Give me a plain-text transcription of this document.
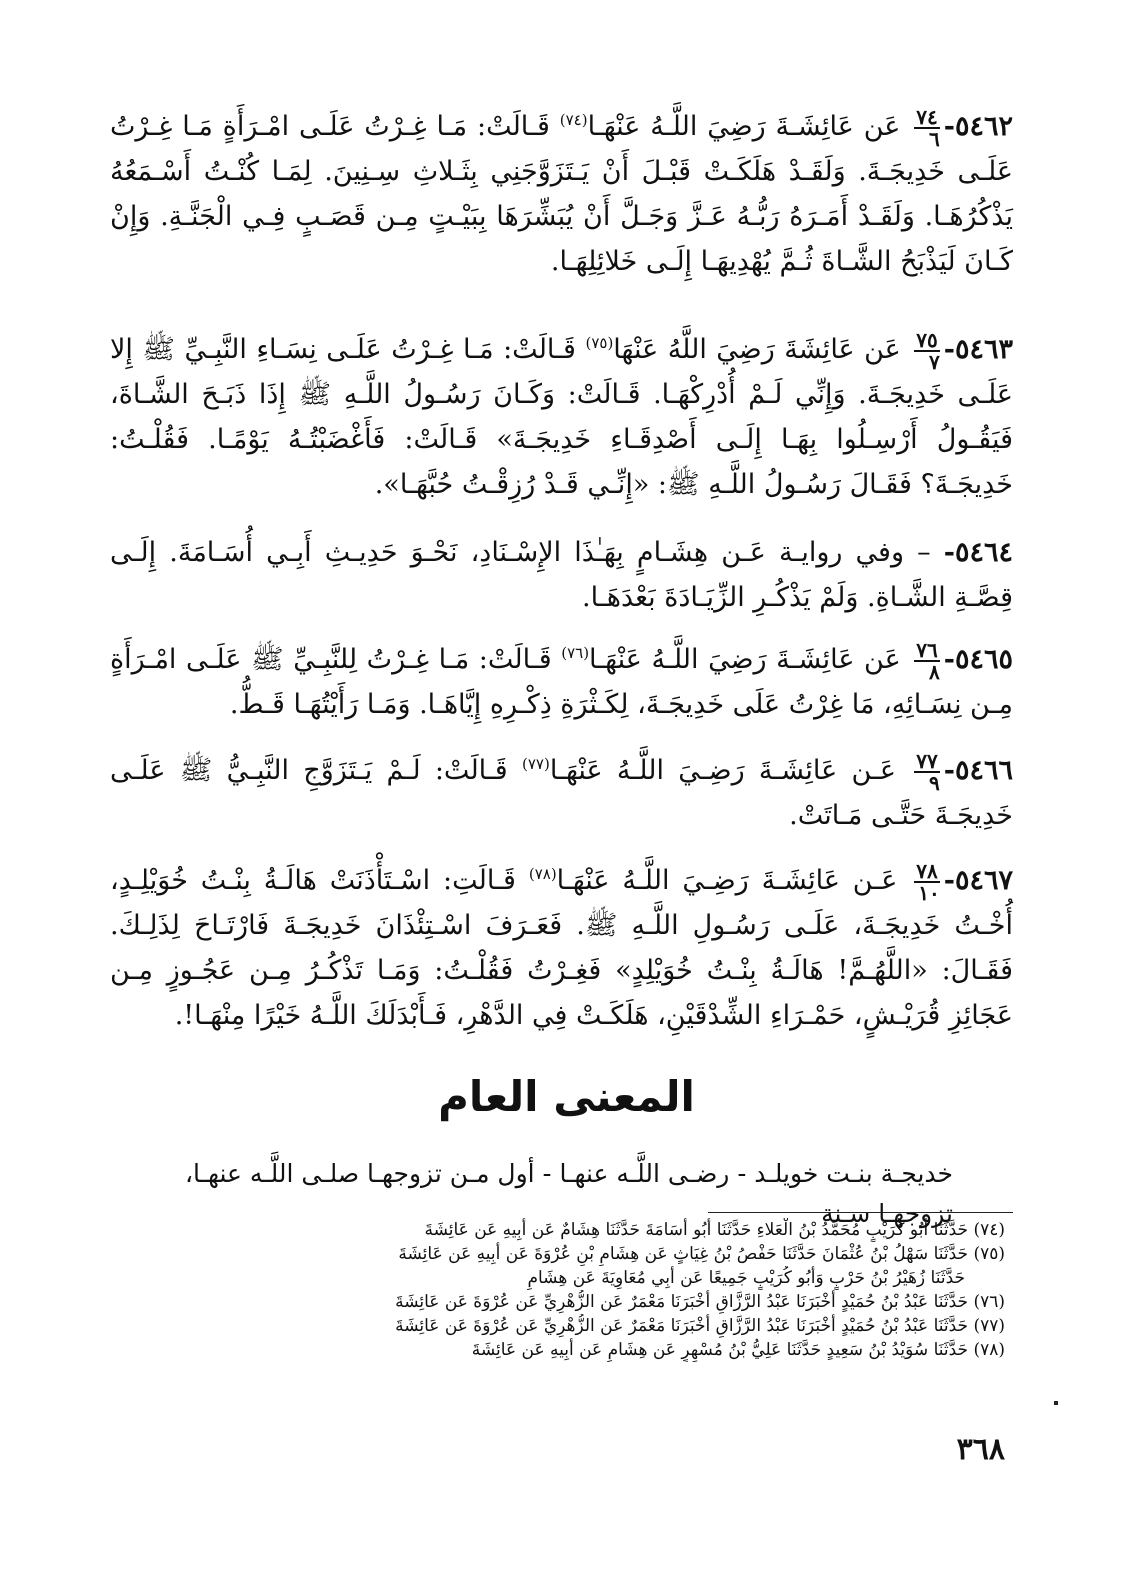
٥٤٦٢-
$\frac{٧٤}{٦}$
عَن عَائِشَـةَ رَضِيَ اللَّـهُ عَنْهَـا$^{(٧٤)}$ قَـالَتْ: مَـا غِـرْتُ عَلَـى امْـرَأَةٍ مَـا غِـرْتُ عَلَـى خَدِيجَـةَ. وَلَقَـدْ هَلَكَـتْ قَبْـلَ أَنْ يَـتَزَوَّجَنِي بِثَـلاثِ سِـنِينَ. لِمَـا كُنْـتُ أَسْـمَعُهُ يَذْكُرُهَـا. وَلَقَـدْ أَمَـرَهُ رَبُّـهُ عَـزَّ وَجَـلَّ أَنْ يُبَشِّرَهَا بِبَيْـتٍ مِـن قَصَـبٍ فِـي الْجَنَّـةِ. وَإِنْ كَـانَ لَيَذْبَحُ الشَّـاةَ ثُـمَّ يُهْدِيهَـا إِلَـى خَلائِلِهَـا.
٥٤٦٣-
$\frac{٧٥}{٧}$
عَن عَائِشَةَ رَضِيَ اللَّهُ عَنْهَا$^{(٧٥)}$ قَـالَتْ: مَـا غِـرْتُ عَلَـى نِسَـاءِ النَّبِـيِّ ﷺ إِلا عَلَـى خَدِيجَـةَ. وَإِنِّي لَـمْ أُدْرِكْهَـا. قَـالَتْ: وَكَـانَ رَسُـولُ اللَّـهِ ﷺ إِذَا ذَبَـحَ الشَّـاةَ، فَيَقُـولُ أَرْسِـلُوا بِهَـا إِلَـى أَصْدِقَـاءِ خَدِيجَـةَ» قَـالَتْ: فَأَغْضَبْتُـهُ يَوْمًـا. فَقُلْـتُ: خَدِيجَـةَ؟ فَقَـالَ رَسُـولُ اللَّـهِ ﷺ: «إِنِّـي قَـدْ رُزِقْـتُ حُبَّهَـا».
٥٤٦٤- – وفي روايـة عَـن هِشَـامٍ بِهَـٰذَا الإِسْـنَادِ، نَحْـوَ حَدِيـثِ أَبِـي أُسَـامَةَ. إِلَـى قِصَّـةِ الشَّـاةِ. وَلَمْ يَذْكُـرِ الزِّيَـادَةَ بَعْدَهَـا.
٥٤٦٥-
$\frac{٧٦}{٨}$
عَن عَائِشَـةَ رَضِيَ اللَّـهُ عَنْهَـا$^{(٧٦)}$ قَـالَتْ: مَـا غِـرْتُ لِلنَّبِـيِّ ﷺ عَلَـى امْـرَأَةٍ مِـن نِسَـائِهِ، مَا غِرْتُ عَلَى خَدِيجَـةَ، لِكَـثْرَةِ ذِكْـرِهِ إِيَّاهَـا. وَمَـا رَأَيْتُهَـا قَـطُّ.
٥٤٦٦-
$\frac{٧٧}{٩}$
عَـن عَائِشَـةَ رَضِـيَ اللَّـهُ عَنْهَـا$^{(٧٧)}$ قَـالَتْ: لَـمْ يَـتَزَوَّجِ النَّبِـيُّ ﷺ عَلَـى خَدِيجَـةَ حَتَّـى مَـاتَتْ.
٥٤٦٧-
$\frac{٧٨}{١٠}$
عَـن عَائِشَـةَ رَضِـيَ اللَّـهُ عَنْهَـا$^{(٧٨)}$ قَـالَتِ: اسْـتَأْذَنَتْ هَالَـةُ بِنْـتُ خُوَيْلِـدٍ، أُخْـتُ خَدِيجَـةَ، عَلَـى رَسُـولِ اللَّـهِ ﷺ. فَعَـرَفَ اسْـتِئْذَانَ خَدِيجَـةَ فَارْتَـاحَ لِذَلِـكَ. فَقَـالَ: «اللَّهُـمَّ! هَالَـةُ بِنْـتُ خُوَيْلِدٍ» فَغِـرْتُ فَقُلْـتُ: وَمَـا تَذْكُـرُ مِـن عَجُـوزٍ مِـن عَجَائِزِ قُرَيْـشٍ، حَمْـرَاءِ الشِّدْقَيْنِ، هَلَكَـتْ فِي الدَّهْرِ، فَـأَبْدَلَكَ اللَّـهُ خَيْرًا مِنْهَـا!.
المعنى العام
خديجـة بنـت خويلـد - رضـى اللَّـه عنهـا - أول مـن تزوجهـا صلـى اللَّـه عنهـا، تزوجهـا سـنة
(٧٤) حَدَّثَنَا أَبُو كُرَيْبٍ مُحَمَّدُ بْنُ الْعَلاءِ حَدَّثَنَا أَبُو أُسَامَةَ حَدَّثَنَا هِشَامٌ عَن أَبِيهِ عَن عَائِشَةَ
(٧٥) حَدَّثَنَا سَهْلُ بْنُ عُثْمَانَ حَدَّثَنَا حَفْصُ بْنُ غِيَاثٍ عَن هِشَامِ بْنِ عُرْوَةَ عَن أَبِيهِ عَن عَائِشَةَ
حَدَّثَنَا زُهَيْرُ بْنُ حَرْبٍ وَأَبُو كُرَيْبٍ جَمِيعًا عَن أَبِي مُعَاوِيَةَ عَن هِشَامٍ
(٧٦) حَدَّثَنَا عَبْدُ بْنُ حُمَيْدٍ أَخْبَرَنَا عَبْدُ الرَّزَّاقِ أَخْبَرَنَا مَعْمَرٌ عَن الزُّهْرِيِّ عَن عُرْوَةَ عَن عَائِشَةَ
(٧٧) حَدَّثَنَا عَبْدُ بْنُ حُمَيْدٍ أَخْبَرَنَا عَبْدُ الرَّزَّاقِ أَخْبَرَنَا مَعْمَرٌ عَن الزُّهْرِيِّ عَن عُرْوَةَ عَن عَائِشَةَ
(٧٨) حَدَّثَنَا سُوَيْدُ بْنُ سَعِيدٍ حَدَّثَنَا عَلِيُّ بْنُ مُسْهِرٍ عَن هِشَامٍ عَن أَبِيهِ عَن عَائِشَةَ
٣٦٨
